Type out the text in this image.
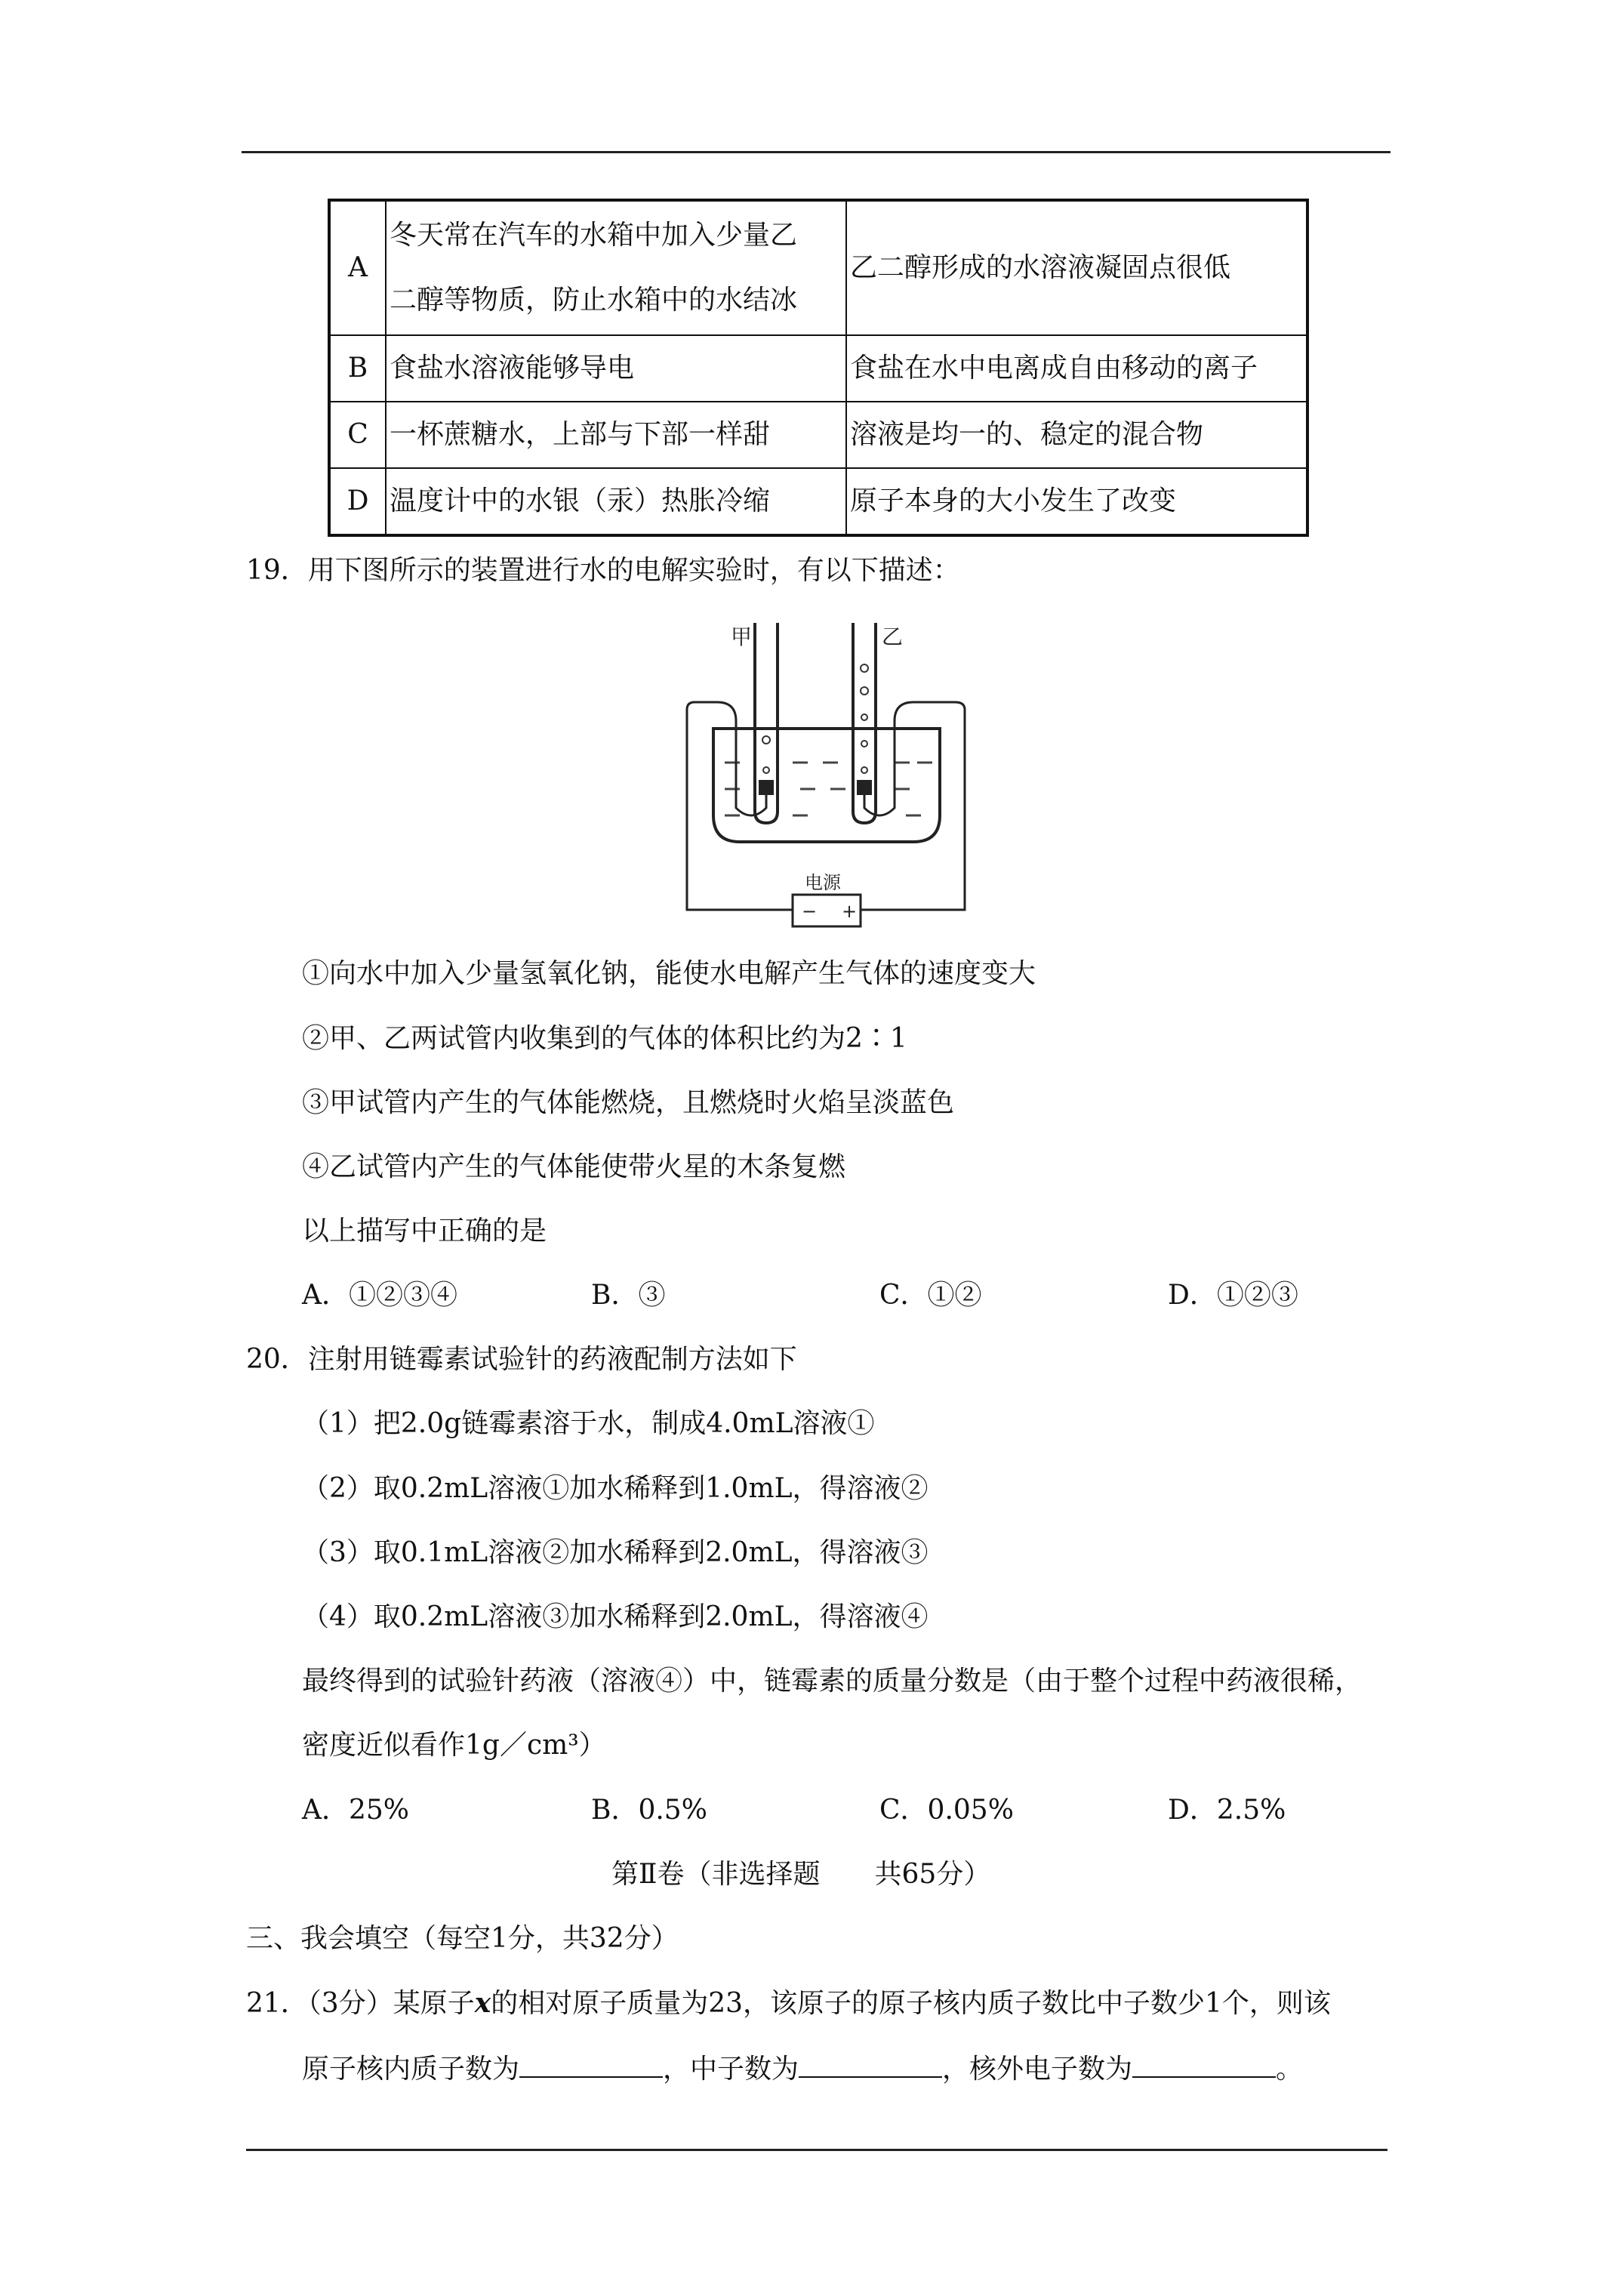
A	冬天常在汽车的水箱中加入少量乙
二醇等物质，防止水箱中的水结冰	乙二醇形成的水溶液凝固点很低
B	食盐水溶液能够导电	食盐在水中电离成自由移动的离子
C	一杯蔗糖水，上部与下部一样甜	溶液是均一的、稳定的混合物
D	温度计中的水银（汞）热胀冷缩	原子本身的大小发生了改变
19．用下图所示的装置进行水的电解实验时，有以下描述：
电源
− +
甲	乙
①向水中加入少量氢氧化钠，能使水电解产生气体的速度变大
②甲、乙两试管内收集到的气体的体积比约为2∶1
③甲试管内产生的气体能燃烧，且燃烧时火焰呈淡蓝色
④乙试管内产生的气体能使带火星的木条复燃
以上描写中正确的是
A．①②③④	B．③	C．①②	D．①②③
20．注射用链霉素试验针的药液配制方法如下
（1）把2.0g链霉素溶于水，制成4.0mL溶液①
（2）取0.2mL溶液①加水稀释到1.0mL，得溶液②
（3）取0.1mL溶液②加水稀释到2.0mL，得溶液③
（4）取0.2mL溶液③加水稀释到2.0mL，得溶液④
最终得到的试验针药液（溶液④）中，链霉素的质量分数是（由于整个过程中药液很稀，
密度近似看作1g／cm³）
A．25%	B．0.5%	C．0.05%	D．2.5%
第Ⅱ卷（非选择题　　共65分）
三、我会填空（每空1分，共32分）
21．（3分）某原子x的相对原子质量为23，该原子的原子核内质子数比中子数少1个，则该
原子核内质子数为	，中子数为	，核外电子数为	。
